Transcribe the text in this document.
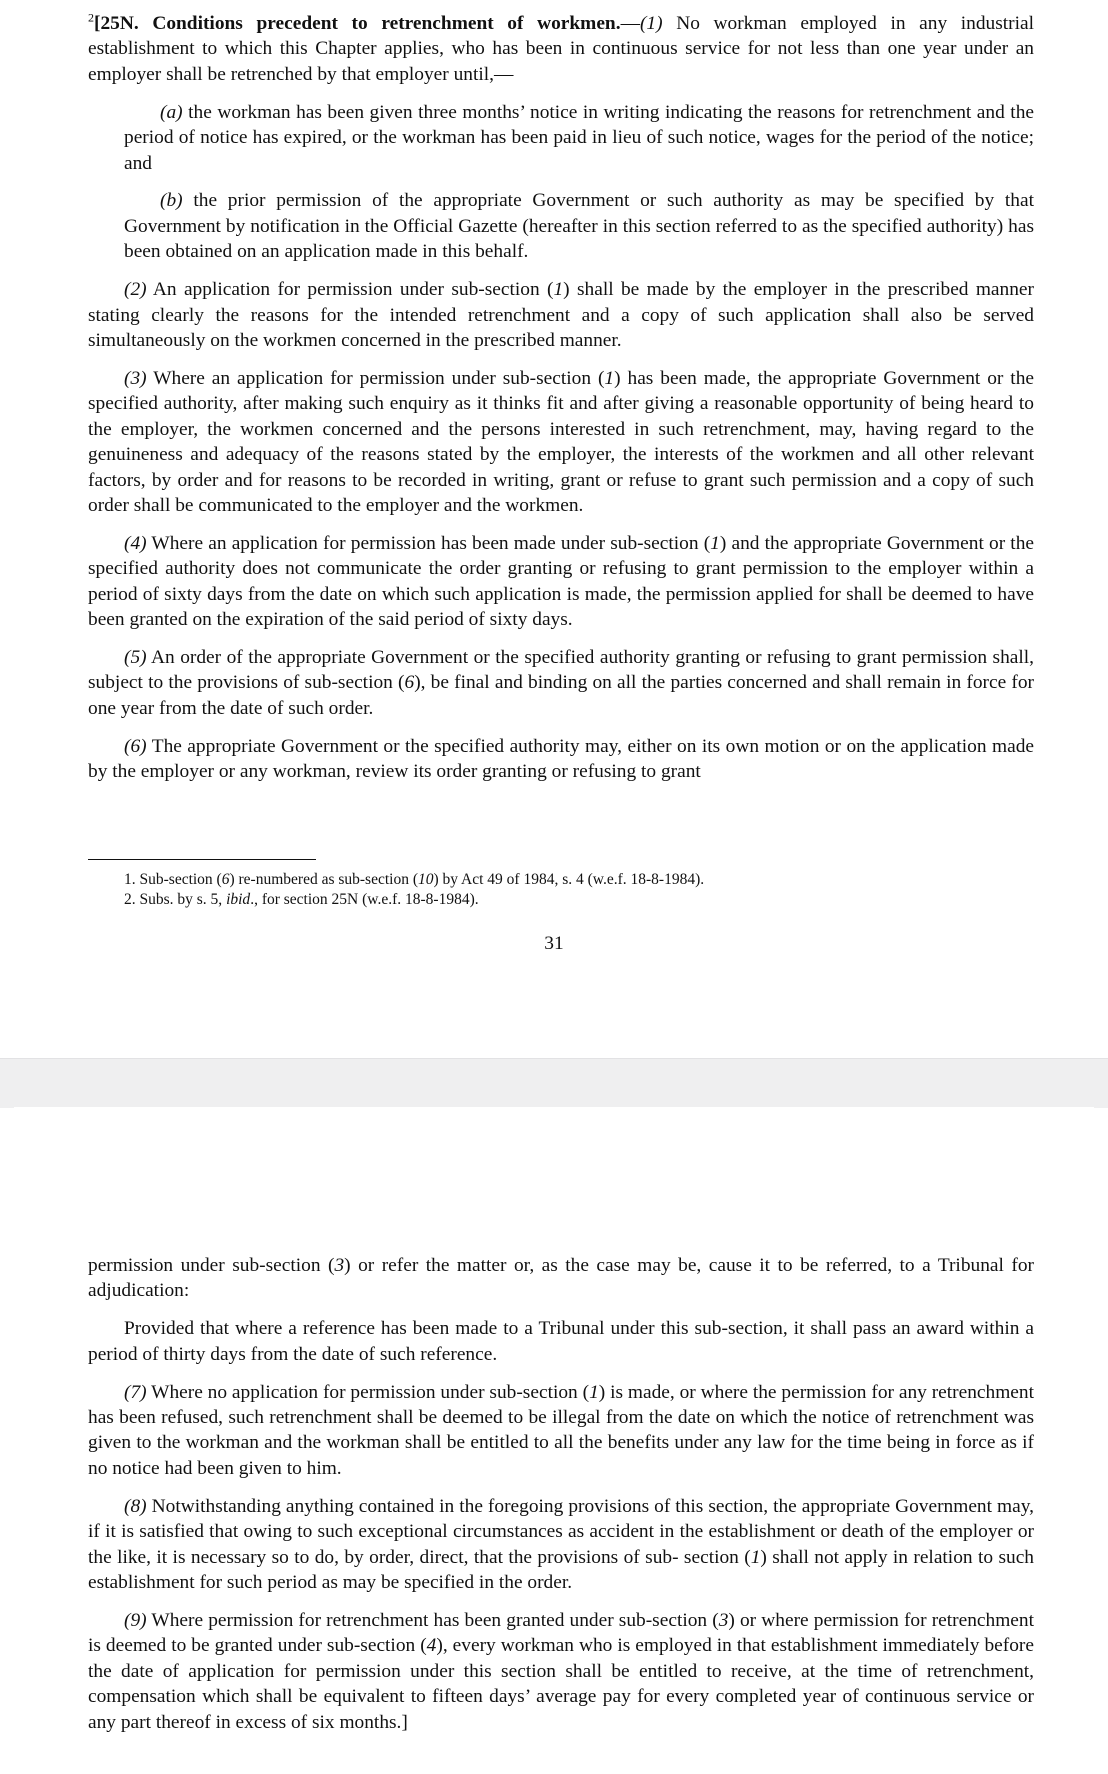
$^2$[25N. Conditions precedent to retrenchment of workmen.—(1) No workman employed in any industrial establishment to which this Chapter applies, who has been in continuous service for not less than one year under an employer shall be retrenched by that employer until,—

(a) the workman has been given three months’ notice in writing indicating the reasons for retrenchment and the period of notice has expired, or the workman has been paid in lieu of such notice, wages for the period of the notice; and

(b) the prior permission of the appropriate Government or such authority as may be specified by that Government by notification in the Official Gazette (hereafter in this section referred to as the specified authority) has been obtained on an application made in this behalf.

(2) An application for permission under sub-section (1) shall be made by the employer in the prescribed manner stating clearly the reasons for the intended retrenchment and a copy of such application shall also be served simultaneously on the workmen concerned in the prescribed manner.

(3) Where an application for permission under sub-section (1) has been made, the appropriate Government or the specified authority, after making such enquiry as it thinks fit and after giving a reasonable opportunity of being heard to the employer, the workmen concerned and the persons interested in such retrenchment, may, having regard to the genuineness and adequacy of the reasons stated by the employer, the interests of the workmen and all other relevant factors, by order and for reasons to be recorded in writing, grant or refuse to grant such permission and a copy of such order shall be communicated to the employer and the workmen.

(4) Where an application for permission has been made under sub-section (1) and the appropriate Government or the specified authority does not communicate the order granting or refusing to grant permission to the employer within a period of sixty days from the date on which such application is made, the permission applied for shall be deemed to have been granted on the expiration of the said period of sixty days.

(5) An order of the appropriate Government or the specified authority granting or refusing to grant permission shall, subject to the provisions of sub-section (6), be final and binding on all the parties concerned and shall remain in force for one year from the date of such order.

(6) The appropriate Government or the specified authority may, either on its own motion or on the application made by the employer or any workman, review its order granting or refusing to grant

1. Sub-section (6) re-numbered as sub-section (10) by Act 49 of 1984, s. 4 (w.e.f. 18-8-1984).

2. Subs. by s. 5, ibid., for section 25N (w.e.f. 18-8-1984).

31

permission under sub-section (3) or refer the matter or, as the case may be, cause it to be referred, to a Tribunal for adjudication:

Provided that where a reference has been made to a Tribunal under this sub-section, it shall pass an award within a period of thirty days from the date of such reference.

(7) Where no application for permission under sub-section (1) is made, or where the permission for any retrenchment has been refused, such retrenchment shall be deemed to be illegal from the date on which the notice of retrenchment was given to the workman and the workman shall be entitled to all the benefits under any law for the time being in force as if no notice had been given to him.

(8) Notwithstanding anything contained in the foregoing provisions of this section, the appropriate Government may, if it is satisfied that owing to such exceptional circumstances as accident in the establishment or death of the employer or the like, it is necessary so to do, by order, direct, that the provisions of sub- section (1) shall not apply in relation to such establishment for such period as may be specified in the order.

(9) Where permission for retrenchment has been granted under sub-section (3) or where permission for retrenchment is deemed to be granted under sub-section (4), every workman who is employed in that establishment immediately before the date of application for permission under this section shall be entitled to receive, at the time of retrenchment, compensation which shall be equivalent to fifteen days’ average pay for every completed year of continuous service or any part thereof in excess of six months.]
